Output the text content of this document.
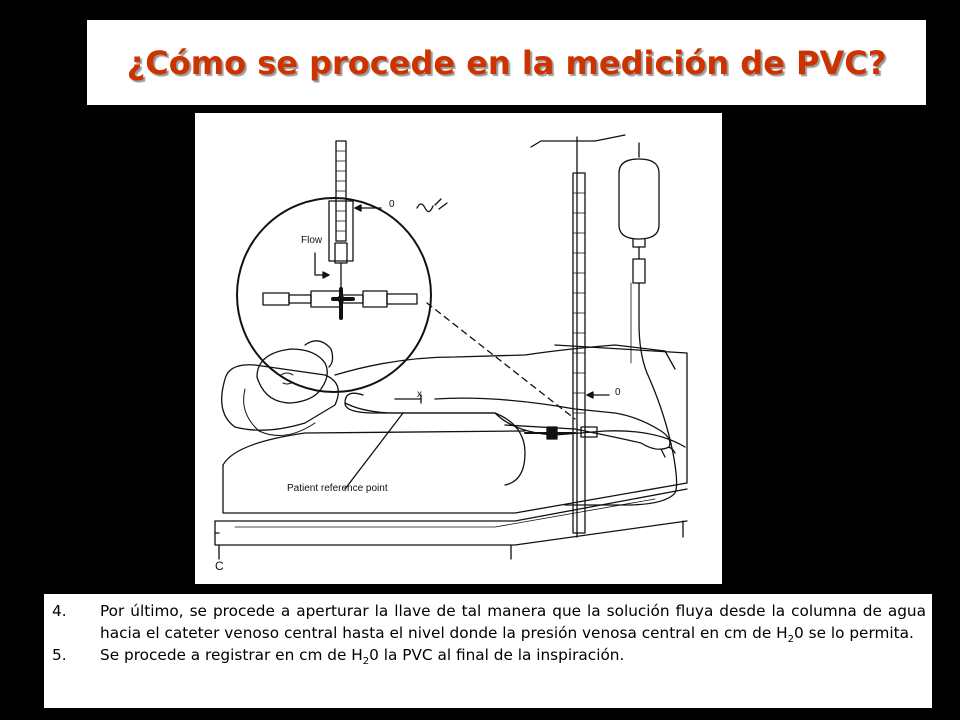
¿Cómo se procede en la medición de PVC?
0
Flow
x	0
Patient reference point
C
4.	Por último, se procede a aperturar la llave de tal manera que la solución fluya desde la columna de agua hacia el cateter venoso central hasta el nivel donde la presión venosa central en cm de $H_20$ se lo permita.
5.	Se procede a registrar en cm de $H_20$ la PVC al final de la inspiración.
